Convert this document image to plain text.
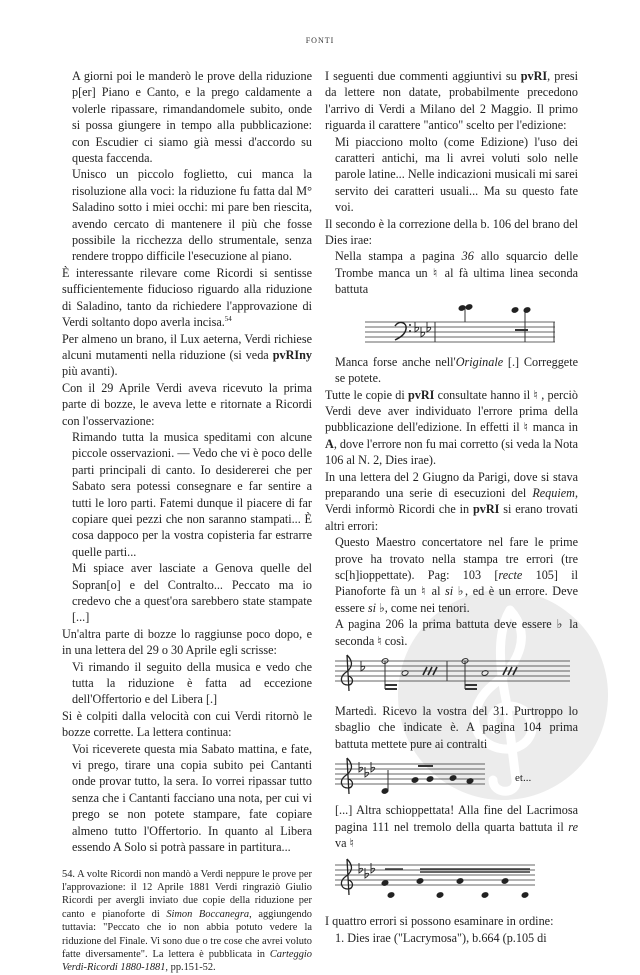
FONTI

A giorni poi le manderò le prove della riduzione p[er] Piano e Canto, e la prego caldamente a volerle ripassare, rimandandomele subito, onde si possa giungere in tempo alla pubblicazione: con Escudier ci siamo già messi d'accordo su questa faccenda.

Unisco un piccolo foglietto, cui manca la risoluzione alla voci: la riduzione fu fatta dal M° Saladino sotto i miei occhi: mi pare ben riescita, avendo cercato di mantenere il più che fosse possibile la ricchezza dello strumentale, senza rendere troppo difficile l'esecuzione al piano.

È interessante rilevare come Ricordi si sentisse sufficientemente fiducioso riguardo alla riduzione di Saladino, tanto da richiedere l'approvazione di Verdi soltanto dopo averla incisa.$^{54}$

Per almeno un brano, il Lux aeterna, Verdi richiese alcuni mutamenti nella riduzione (si veda pvRIny più avanti).

Con il 29 Aprile Verdi aveva ricevuto la prima parte di bozze, le aveva lette e ritornate a Ricordi con l'osservazione:

Rimando tutta la musica speditami con alcune piccole osservazioni. — Vedo che vi è poco delle parti principali di canto. Io desidererei che per Sabato sera potessi consegnare e far sentire a tutti le loro parti. Fatemi dunque il piacere di far copiare quei pezzi che non saranno stampati... È cosa dappoco per la vostra copisteria far estrarre quelle parti...

Mi spiace aver lasciate a Genova quelle del Sopran[o] e del Contralto... Peccato ma io credevo che a quest'ora sarebbero state stampate [...]

Un'altra parte di bozze lo raggiunse poco dopo, e in una lettera del 29 o 30 Aprile egli scrisse:

Vi rimando il seguito della musica e vedo che tutta la riduzione è fatta ad eccezione dell'Offertorio e del Libera [.]

Si è colpiti dalla velocità con cui Verdi ritornò le bozze corrette. La lettera continua:

Voi riceverete questa mia Sabato mattina, e fate, vi prego, tirare una copia subito pei Cantanti onde provar tutto, la sera. Io vorrei ripassar tutto senza che i Cantanti facciano una nota, per cui vi prego se non potete stampare, fate copiare almeno tutto l'Offertorio. In quanto al Libera essendo A Solo si potrà passare in partitura...

54. A volte Ricordi non mandò a Verdi neppure le prove per l'approvazione: il 12 Aprile 1881 Verdi ringraziò Giulio Ricordi per avergli inviato due copie della riduzione per canto e pianoforte di Simon Boccanegra, aggiungendo tuttavia: "Peccato che io non abbia potuto vedere la riduzione del Finale. Vi sono due o tre cose che avrei voluto fatte diversamente". La lettera è pubblicata in Carteggio Verdi-Ricordi 1880-1881, pp.151-52.

I seguenti due commenti aggiuntivi su pvRI, presi da lettere non datate, probabilmente precedono l'arrivo di Verdi a Milano del 2 Maggio. Il primo riguarda il carattere "antico" scelto per l'edizione:

Mi piacciono molto (come Edizione) l'uso dei caratteri antichi, ma li avrei voluti solo nelle parole latine... Nelle indicazioni musicali mi sarei servito dei caratteri usuali... Ma su questo fate voi.

Il secondo è la correzione della b. 106 del brano del Dies irae:

Nella stampa a pagina 36 allo squarcio delle Trombe manca un ♮ al fà ultima linea seconda battuta

Manca forse anche nell'Originale [.] Correggete se potete.

Tutte le copie di pvRI consultate hanno il ♮ , perciò Verdi deve aver individuato l'errore prima della pubblicazione dell'edizione. In effetti il ♮ manca in A, dove l'errore non fu mai corretto (si veda la Nota 106 al N. 2, Dies irae).

In una lettera del 2 Giugno da Parigi, dove si stava preparando una serie di esecuzioni del Requiem, Verdi informò Ricordi che in pvRI si erano trovati altri errori:

Questo Maestro concertatore nel fare le prime prove ha trovato nella stampa tre errori (tre sc[h]ioppettate). Pag: 103 [recte 105] il Pianoforte fà un ♮ al si ♭, ed è un errore. Deve essere si ♭, come nei tenori.

A pagina 206 la prima battuta deve essere ♭ la seconda ♮ così.

Martedì. Ricevo la vostra del 31. Purtroppo lo sbaglio che indicate è. A pagina 104 prima battuta mettete pure ai contralti

et...

[...] Altra schioppettata! Alla fine del Lacrimosa pagina 111 nel tremolo della quarta battuta il re va ♮

I quattro errori si possono esaminare in ordine:

1. Dies irae ("Lacrymosa"), b.664 (p.105 di
